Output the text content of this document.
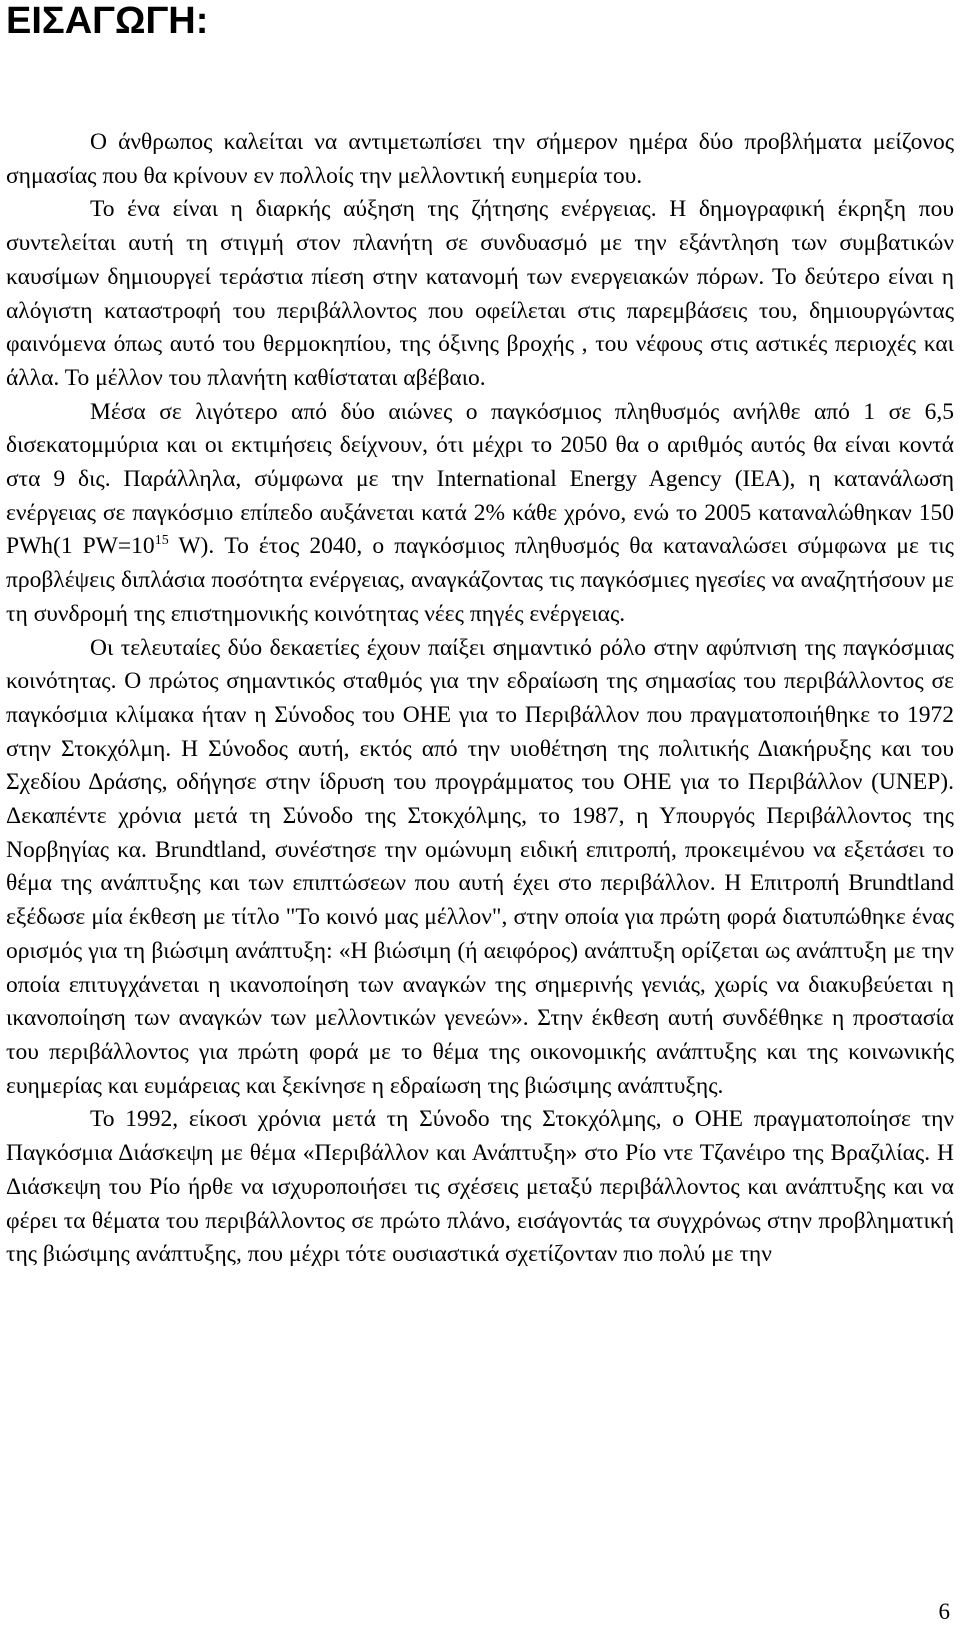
ΕΙΣΑΓΩΓΗ:

Ο άνθρωπος καλείται να αντιμετωπίσει την σήμερον ημέρα δύο προβλήματα μείζονος σημασίας που θα κρίνουν εν πολλοίς την μελλοντική ευημερία του.

Το ένα είναι η διαρκής αύξηση της ζήτησης ενέργειας. Η δημογραφική έκρηξη που συντελείται αυτή τη στιγμή στον πλανήτη σε συνδυασμό με την εξάντληση των συμβατικών καυσίμων δημιουργεί τεράστια πίεση στην κατανομή των ενεργειακών πόρων. Το δεύτερο είναι η αλόγιστη καταστροφή του περιβάλλοντος που οφείλεται στις παρεμβάσεις του, δημιουργώντας φαινόμενα όπως αυτό του θερμοκηπίου, της όξινης βροχής , του νέφους στις αστικές περιοχές και άλλα. Το μέλλον του πλανήτη καθίσταται αβέβαιο.

Μέσα σε λιγότερο από δύο αιώνες ο παγκόσμιος πληθυσμός ανήλθε από 1 σε 6,5 δισεκατομμύρια και οι εκτιμήσεις δείχνουν, ότι μέχρι το 2050 θα ο αριθμός αυτός θα είναι κοντά στα 9 δις. Παράλληλα, σύμφωνα με την International Energy Agency (IEA), η κατανάλωση ενέργειας σε παγκόσμιο επίπεδο αυξάνεται κατά 2% κάθε χρόνο, ενώ το 2005 καταναλώθηκαν 150 PWh(1 $PW=10^{15}$ W). Το έτος 2040, ο παγκόσμιος πληθυσμός θα καταναλώσει σύμφωνα με τις προβλέψεις διπλάσια ποσότητα ενέργειας, αναγκάζοντας τις παγκόσμιες ηγεσίες να αναζητήσουν με τη συνδρομή της επιστημονικής κοινότητας νέες πηγές ενέργειας.

Οι τελευταίες δύο δεκαετίες έχουν παίξει σημαντικό ρόλο στην αφύπνιση της παγκόσμιας κοινότητας. Ο πρώτος σημαντικός σταθμός για την εδραίωση της σημασίας του περιβάλλοντος σε παγκόσμια κλίμακα ήταν η Σύνοδος του ΟΗΕ για το Περιβάλλον που πραγματοποιήθηκε το 1972 στην Στοκχόλμη. Η Σύνοδος αυτή, εκτός από την υιοθέτηση της πολιτικής Διακήρυξης και του Σχεδίου Δράσης, οδήγησε στην ίδρυση του προγράμματος του ΟΗΕ για το Περιβάλλον (UNEP). Δεκαπέντε χρόνια μετά τη Σύνοδο της Στοκχόλμης, το 1987, η Υπουργός Περιβάλλοντος της Νορβηγίας κα. Brundtland, συνέστησε την ομώνυμη ειδική επιτροπή, προκειμένου να εξετάσει το θέμα της ανάπτυξης και των επιπτώσεων που αυτή έχει στο περιβάλλον. Η Επιτροπή Brundtland εξέδωσε μία έκθεση με τίτλο "Το κοινό μας μέλλον", στην οποία για πρώτη φορά διατυπώθηκε ένας ορισμός για τη βιώσιμη ανάπτυξη: «Η βιώσιμη (ή αειφόρος) ανάπτυξη ορίζεται ως ανάπτυξη με την οποία επιτυγχάνεται η ικανοποίηση των αναγκών της σημερινής γενιάς, χωρίς να διακυβεύεται η ικανοποίηση των αναγκών των μελλοντικών γενεών». Στην έκθεση αυτή συνδέθηκε η προστασία του περιβάλλοντος για πρώτη φορά με το θέμα της οικονομικής ανάπτυξης και της κοινωνικής ευημερίας και ευμάρειας και ξεκίνησε η εδραίωση της βιώσιμης ανάπτυξης.

Το 1992, είκοσι χρόνια μετά τη Σύνοδο της Στοκχόλμης, ο ΟΗΕ πραγματοποίησε την Παγκόσμια Διάσκεψη με θέμα «Περιβάλλον και Ανάπτυξη» στο Ρίο ντε Τζανέιρο της Βραζιλίας. Η Διάσκεψη του Ρίο ήρθε να ισχυροποιήσει τις σχέσεις μεταξύ περιβάλλοντος και ανάπτυξης και να φέρει τα θέματα του περιβάλλοντος σε πρώτο πλάνο, εισάγοντάς τα συγχρόνως στην προβληματική της βιώσιμης ανάπτυξης, που μέχρι τότε ουσιαστικά σχετίζονταν πιο πολύ με την

6
